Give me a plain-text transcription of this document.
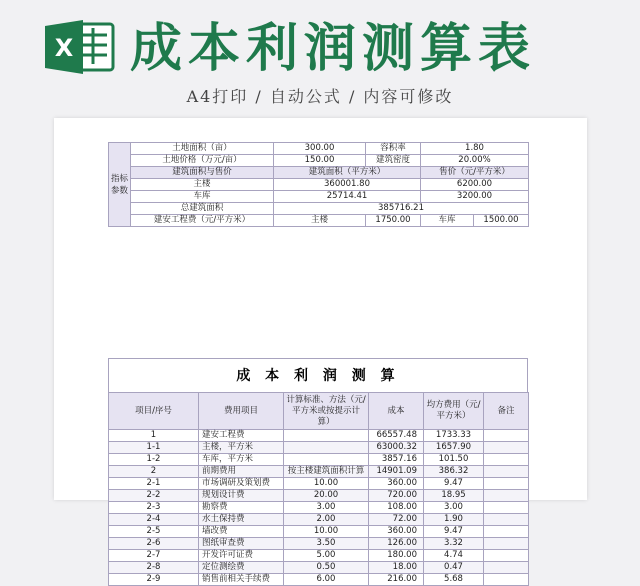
X 成本利润测算表
A4打印 / 自动公式 / 内容可修改
指标参数	土地面积（亩）	300.00	容积率	1.80	
	土地价格（万元/亩）	150.00	建筑密度	20.00%	
	建筑面积与售价	建筑面积（平方米）		售价（元/平方米）	
	主楼	360001.80		6200.00	
	车库	25714.41		3200.00	
	总建筑面积	385716.21			
	建安工程费（元/平方米）	主楼	1750.00	车库	1500.00
成 本 利 润 测 算
项目/序号	费用项目	计算标准、方法（元/平方米或按提示计算）	成本	均方费用（元/平方米）	备注
1	建安工程费		66557.48	1733.33	
1-1	主楼，平方米		63000.32	1657.90	
1-2	车库，平方米		3857.16	101.50	
2	前期费用	按主楼建筑面积计算	14901.09	386.32	
2-1	市场调研及策划费	10.00	360.00	9.47	
2-2	规划设计费	20.00	720.00	18.95	
2-3	勘察费	3.00	108.00	3.00	
2-4	水土保持费	2.00	72.00	1.90	
2-5	墙改费	10.00	360.00	9.47	
2-6	图纸审查费	3.50	126.00	3.32	
2-7	开发许可证费	5.00	180.00	4.74	
2-8	定位测绘费	0.50	18.00	0.47	
2-9	销售前相关手续费	6.00	216.00	5.68	
